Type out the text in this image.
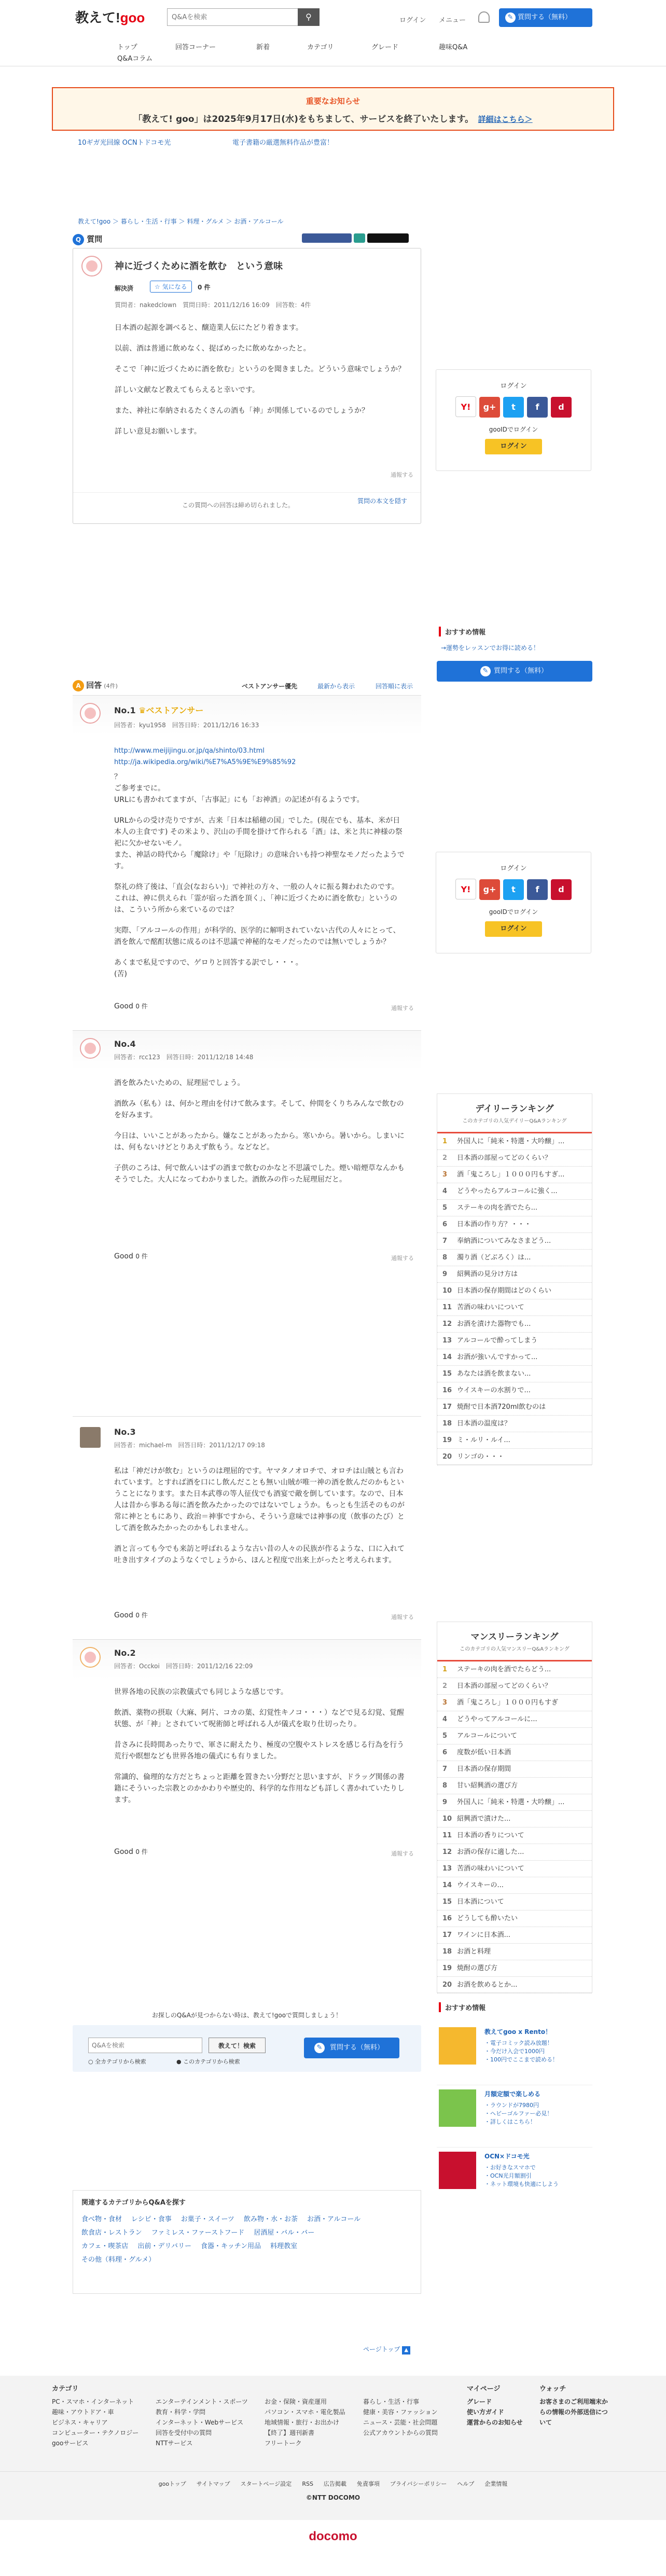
教えて!goo
Q&Aを検索	⚲	ログイン メニュー	✎ 質問する（無料）
トップ	回答コーナー	新着	カテゴリ	グレード	趣味Q&A
Q&Aコラム
重要なお知らせ
「教えて! goo」は2025年9月17日(水)をもちまして、サービスを終了いたします。　 詳細はこちら＞
10ギガ光回線 OCNトドコモ光	電子書籍の厳選無料作品が豊富！
教えて!goo ＞ 暮らし・生活・行事 ＞ 料理・グルメ ＞ お酒・アルコール

Q 質問
神に近づくために酒を飲む　という意味
解決済	☆ 気になる	0 件
質問者：nakedclown　質問日時：2011/12/16 16:09　回答数：4件

日本酒の起源を調べると、醸造業人伝にたどり着きます。

以前、酒は普通に飲めなく、捉ばめったに飲めなかったと。

そこで「神に近づくために酒を飲む」というのを聞きました。どういう意味でしょうか？

詳しい文献など教えてもらえると幸いです。

また、神社に奉納されるたくさんの酒も「神」が関係しているのでしょうか？

詳しい意見お願いします。

通報する
この質問への回答は締め切られました。
質問の本文を隠す
ログイン
Y! g+ t f d
gooIDでログイン
ログイン
おすすめ情報
→運勢をレッスンでお得に読める！
✎ 質問する（無料）
A 回答 (4件)	ベストアンサー優先	最新から表示	回答順に表示
No.1 ♛ベストアンサー
回答者：kyu1958　回答日時：2011/12/16 16:33
http://www.meijijingu.or.jp/qa/shinto/03.html
http://ja.wikipedia.org/wiki/%E7%A5%9E%E9%85%92

？

ご参考までに。

URLにも書かれてますが、「古事記」にも「お神酒」の記述が有るようです。

URLからの受け売りですが、古来「日本は稲穂の国」でした。(現在でも、基本、米が日本人の主食です) その米より、沢山の手間を掛けて作られる「酒」は、米と共に神様の祭祀に欠かせないモノ。

また、神話の時代から「魔除け」や「厄除け」の意味合いも持つ神聖なモノだったようです。

祭礼の終了後は、「直会(なおらい)」で神社の方々、一般の人々に振る舞われたのです。これは、神に供えられ「霊が宿った酒を頂く」、「神に近づくために酒を飲む」というのは、こういう所から来ているのでは？

実際、「アルコールの作用」が科学的、医学的に解明されていない古代の人々にとって、酒を飲んで酩酊状態に成るのは不思議で神秘的なモノだったのでは無いでしょうか？

あくまで私見ですので、ゲロりと回答する訳でし・・・。

(苦)

Good 0 件	通報する
ログイン
Y! g+ t f d
gooIDでログイン
ログイン
No.4
回答者：rcc123　回答日時：2011/12/18 14:48

酒を飲みたいための、屁理屈でしょう。

酒飲み（私も）は、何かと理由を付けて飲みます。そして、仲間をくりちみんなで飲むのを好みます。

今日は、いいことがあったから。嫌なことがあったから。寒いから。暑いから。しまいには、何もないけどとりあえず飲もう。などなど。

子供のころは、何で飲んいはずの酒まで飲むのかなと不思議でした。煙い暗煙草なんかもそうでした。大人になってわかりました。酒飲みの作った屁理屈だと。

Good 0 件	通報する
デイリーランキング
このカテゴリの人気デイリーQ&Aランキング
1 外国人に「純米・特選・大吟醸」...
2 日本酒の部屋ってどのくらい？
3 酒「鬼ころし」１０００円もすぎ...
4 どうやったらアルコールに強く...
5 ステーキの肉を酒でたら...
6 日本酒の作り方？・・・
7 奉納酒についてみなさまどう...
8 濁り酒（どぶろく）は...
9 紹興酒の見分け方は
10 日本酒の保存期間はどのくらい
11 苦酒の味わいについて
12 お酒を漬けた器物でも...
13 アルコールで酔ってしまう
14 お酒が強いんですかって...
15 あなたは酒を飲まない...
16 ウイスキーの水割りで...
17 焼酎で日本酒720ml飲むのは
18 日本酒の温度は？
19 ミ・ルリ・ルイ...
20 リンゴの・・・
No.3
回答者：michael-m　回答日時：2011/12/17 09:18

私は「神だけが飲む」というのは理屈的です。ヤマタノオロチで、オロチは山賊とも言われています。とすれば酒を口にし飲んだことも無い山賊が唯一神の酒を飲んだのかもということになります。また日本武尊の等人征伐でも酒宴で敵を倒しています。なので、日本人は昔から事ある毎に酒を飲みたかったのではないでしょうか。もっとも生活そのものが常に神とともにあり、政治＝神事ですから、そういう意味では神事の度（飲事のたび）として酒を飲みたかったのかもしれません。

酒と言っても今でも来訪と呼ばれるような古い昔の人々の民族が作るような、口に入れて吐き出すタイプのようなくでしょうから、ほんと程度で出来上がったと考えられます。

Good 0 件	通報する
マンスリーランキング
このカテゴリの人気マンスリーQ&Aランキング
1 ステーキの肉を酒でたらどう...
2 日本酒の部屋ってどのくらい？
3 酒「鬼ころし」１０００円もすぎ
4 どうやってアルコールに...
5 アルコールについて
6 度数が低い日本酒
7 日本酒の保存期間
8 甘い紹興酒の選び方
9 外国人に「純米・特選・大吟醸」...
10 紹興酒で漬けた...
11 日本酒の香りについて
12 お酒の保存に適した...
13 苦酒の味わいについて
14 ウイスキーの...
15 日本酒について
16 どうしても酔いたい
17 ワインに日本酒...
18 お酒と料理
19 焼酎の選び方
20 お酒を飲めるとか...
No.2
回答者：Occkoi　回答日時：2011/12/16 22:09

世界各地の民族の宗教儀式でも同じような感じです。

飲酒、薬物の摂取（大麻、阿片、コカの葉、幻覚性キノコ・・・）などで見る幻覚、覚醒状態、が「神」とされていて呪術師と呼ばれる人が儀式を取り仕切ったり。

昔さみに長時間あったりで、軍さに耐えたり、極度の空腹やストレスを感じる行為を行う荒行や瞑想なども世界各地の儀式にも有りました。

常識的、倫理的な方だとちょっと距離を置きたい分野だと思いますが、ドラッグ関係の書籍にそういった宗教とのかかわりや歴史的、科学的な作用なども詳しく書かれていたりします。

Good 0 件	通報する
おすすめ情報
教えてgoo x Rento！
・電子コミック読み放題！
・今だけ入会で1000円
・100円でここまで読める！
月額定額で楽しめる
・ラウンドが7980円
・ヘビーゴルファー必見！
・詳しくはこちら！
OCN×ドコモ光
・お好きなスマホで
・OCN光月額割引
・ネット環境も快適にしよう
お探しのQ&Aが見つからない時は、教えて!gooで質問しましょう！
Q&Aを検索
教えて！検索
○ 全カテゴリから検索	● このカテゴリから検索
✎	質問する（無料）
関連するカテゴリからQ&Aを探す
食べ物・食材 レシピ・食事 お菓子・スイーツ 飲み物・水・お茶 お酒・アルコール
飲食店・レストラン ファミレス・ファーストフード 居酒屋・バル・バー
カフェ・喫茶店 出前・デリバリー 食器・キッチン用品 料理教室
その他（料理・グルメ）
ページトップ ▲
カテゴリ
PC・スマホ・インターネット
趣味・アウトドア・車
ビジネス・キャリア
コンピューター・テクノロジー
gooサービス
エンターテインメント・スポーツ
教育・科学・学問
インターネット・Webサービス
回答を受付中の質問
NTTサービス
お金・保険・資産運用
パソコン・スマホ・電化製品
地域情報・旅行・お出かけ
【終了】週刊新書
フリートーク
暮らし・生活・行事
健康・美容・ファッション
ニュース・芸能・社会問題
公式アカウントからの質問
マイページ
グレード
使い方ガイド
運営からのお知らせ
ウォッチ
お客さまのご利用端末からの情報の外部送信について
gooトップ サイトマップ スタートページ設定 RSS 広告掲載 免責事項 プライバシーポリシー ヘルプ 企業情報
©NTT DOCOMO
docomo
